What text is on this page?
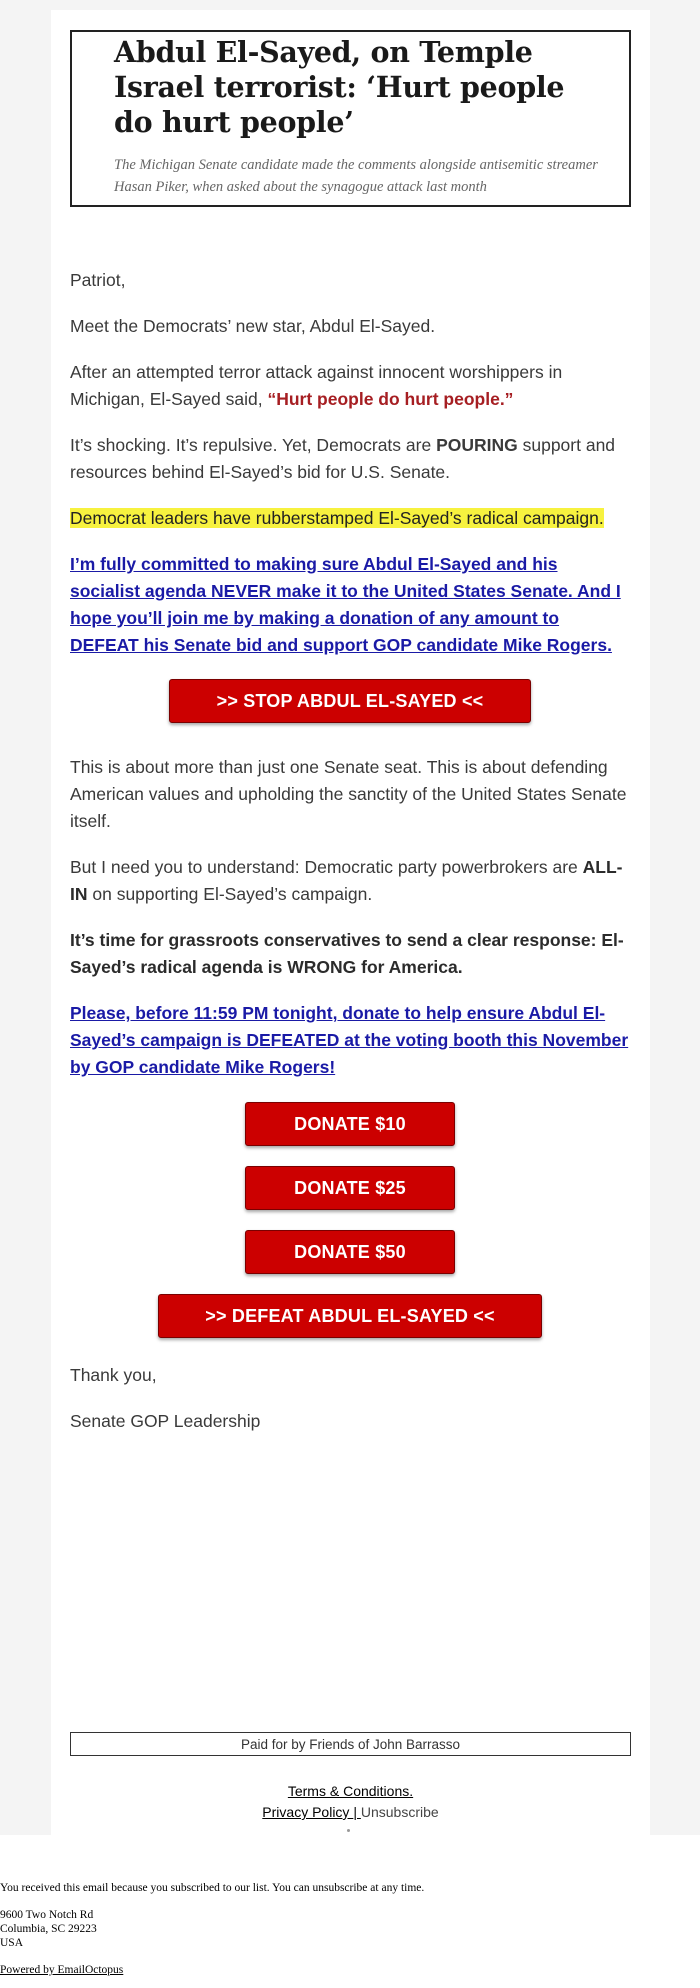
Abdul El-Sayed, on Temple Israel terrorist: ‘Hurt people do hurt people’
The Michigan Senate candidate made the comments alongside antisemitic streamer Hasan Piker, when asked about the synagogue attack last month
Patriot,
Meet the Democrats’ new star, Abdul El-Sayed.
After an attempted terror attack against innocent worshippers in Michigan, El-Sayed said, “Hurt people do hurt people.”
It’s shocking. It’s repulsive. Yet, Democrats are POURING support and resources behind El-Sayed’s bid for U.S. Senate.
Democrat leaders have rubberstamped El-Sayed’s radical campaign.
I’m fully committed to making sure Abdul El-Sayed and his socialist agenda NEVER make it to the United States Senate. And I hope you’ll join me by making a donation of any amount to DEFEAT his Senate bid and support GOP candidate Mike Rogers.
>> STOP ABDUL EL-SAYED <<
This is about more than just one Senate seat. This is about defending American values and upholding the sanctity of the United States Senate itself.
But I need you to understand: Democratic party powerbrokers are ALL-IN on supporting El-Sayed’s campaign.
It’s time for grassroots conservatives to send a clear response: El-Sayed’s radical agenda is WRONG for America.
Please, before 11:59 PM tonight, donate to help ensure Abdul El-Sayed’s campaign is DEFEATED at the voting booth this November by GOP candidate Mike Rogers!
DONATE $10
DONATE $25
DONATE $50
>> DEFEAT ABDUL EL-SAYED <<
Thank you,
Senate GOP Leadership
Paid for by Friends of John Barrasso
Terms & Conditions.
Privacy Policy | Unsubscribe
You received this email because you subscribed to our list. You can unsubscribe at any time.
9600 Two Notch Rd
Columbia, SC 29223
USA
Powered by EmailOctopus
